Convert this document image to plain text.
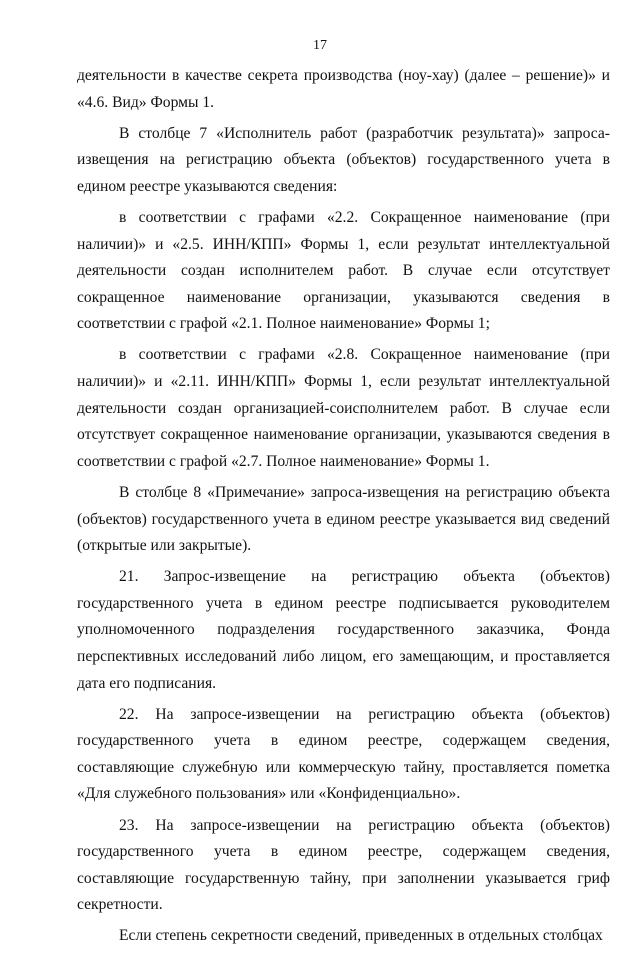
17

деятельности в качестве секрета производства (ноу-хау) (далее – решение)» и «4.6. Вид» Формы 1.

В столбце 7 «Исполнитель работ (разработчик результата)» запроса-извещения на регистрацию объекта (объектов) государственного учета в едином реестре указываются сведения:

в соответствии с графами «2.2. Сокращенное наименование (при наличии)» и «2.5. ИНН/КПП» Формы 1, если результат интеллектуальной деятельности создан исполнителем работ. В случае если отсутствует сокращенное наименование организации, указываются сведения в соответствии с графой «2.1. Полное наименование» Формы 1;

в соответствии с графами «2.8. Сокращенное наименование (при наличии)» и «2.11. ИНН/КПП» Формы 1, если результат интеллектуальной деятельности создан организацией-соисполнителем работ. В случае если отсутствует сокращенное наименование организации, указываются сведения в соответствии с графой «2.7. Полное наименование» Формы 1.

В столбце 8 «Примечание» запроса-извещения на регистрацию объекта (объектов) государственного учета в едином реестре указывается вид сведений (открытые или закрытые).

21. Запрос-извещение на регистрацию объекта (объектов) государственного учета в едином реестре подписывается руководителем уполномоченного подразделения государственного заказчика, Фонда перспективных исследований либо лицом, его замещающим, и проставляется дата его подписания.

22. На запросе-извещении на регистрацию объекта (объектов) государственного учета в едином реестре, содержащем сведения, составляющие служебную или коммерческую тайну, проставляется пометка «Для служебного пользования» или «Конфиденциально».

23. На запросе-извещении на регистрацию объекта (объектов) государственного учета в едином реестре, содержащем сведения, составляющие государственную тайну, при заполнении указывается гриф секретности.

Если степень секретности сведений, приведенных в отдельных столбцах
